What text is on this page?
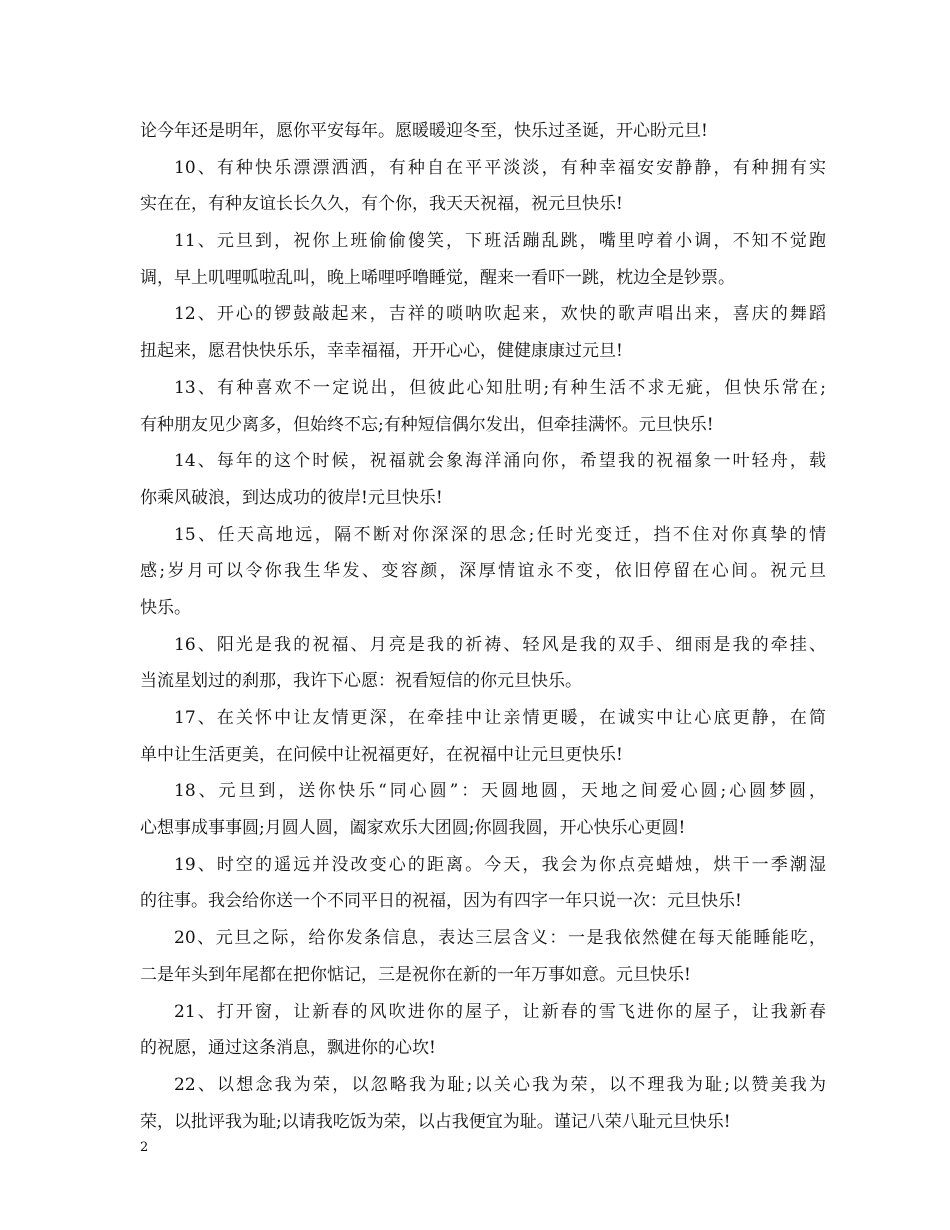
论今年还是明年，愿你平安每年。愿暖暖迎冬至，快乐过圣诞，开心盼元旦!
10、有种快乐漂漂洒洒，有种自在平平淡淡，有种幸福安安静静，有种拥有实
实在在，有种友谊长长久久，有个你，我天天祝福，祝元旦快乐!
11、元旦到，祝你上班偷偷傻笑，下班活蹦乱跳，嘴里哼着小调，不知不觉跑
调，早上叽哩呱啦乱叫，晚上唏哩呼噜睡觉，醒来一看吓一跳，枕边全是钞票。
12、开心的锣鼓敲起来，吉祥的唢呐吹起来，欢快的歌声唱出来，喜庆的舞蹈
扭起来，愿君快快乐乐，幸幸福福，开开心心，健健康康过元旦!
13、有种喜欢不一定说出，但彼此心知肚明;有种生活不求无疵，但快乐常在;
有种朋友见少离多，但始终不忘;有种短信偶尔发出，但牵挂满怀。元旦快乐!
14、每年的这个时候，祝福就会象海洋涌向你，希望我的祝福象一叶轻舟，载
你乘风破浪，到达成功的彼岸!元旦快乐!
15、任天高地远，隔不断对你深深的思念;任时光变迁，挡不住对你真挚的情
感;岁月可以令你我生华发、变容颜，深厚情谊永不变，依旧停留在心间。祝元旦
快乐。
16、阳光是我的祝福、月亮是我的祈祷、轻风是我的双手、细雨是我的牵挂、
当流星划过的刹那，我许下心愿：祝看短信的你元旦快乐。
17、在关怀中让友情更深，在牵挂中让亲情更暖，在诚实中让心底更静，在简
单中让生活更美，在问候中让祝福更好，在祝福中让元旦更快乐!
18、元旦到，送你快乐“同心圆”：天圆地圆，天地之间爱心圆;心圆梦圆，
心想事成事事圆;月圆人圆，阖家欢乐大团圆;你圆我圆，开心快乐心更圆!
19、时空的遥远并没改变心的距离。今天，我会为你点亮蜡烛，烘干一季潮湿
的往事。我会给你送一个不同平日的祝福，因为有四字一年只说一次：元旦快乐!
20、元旦之际，给你发条信息，表达三层含义：一是我依然健在每天能睡能吃，
二是年头到年尾都在把你惦记，三是祝你在新的一年万事如意。元旦快乐!
21、打开窗，让新春的风吹进你的屋子，让新春的雪飞进你的屋子，让我新春
的祝愿，通过这条消息，飘进你的心坎!
22、以想念我为荣，以忽略我为耻;以关心我为荣，以不理我为耻;以赞美我为
荣，以批评我为耻;以请我吃饭为荣，以占我便宜为耻。谨记八荣八耻元旦快乐!
2
